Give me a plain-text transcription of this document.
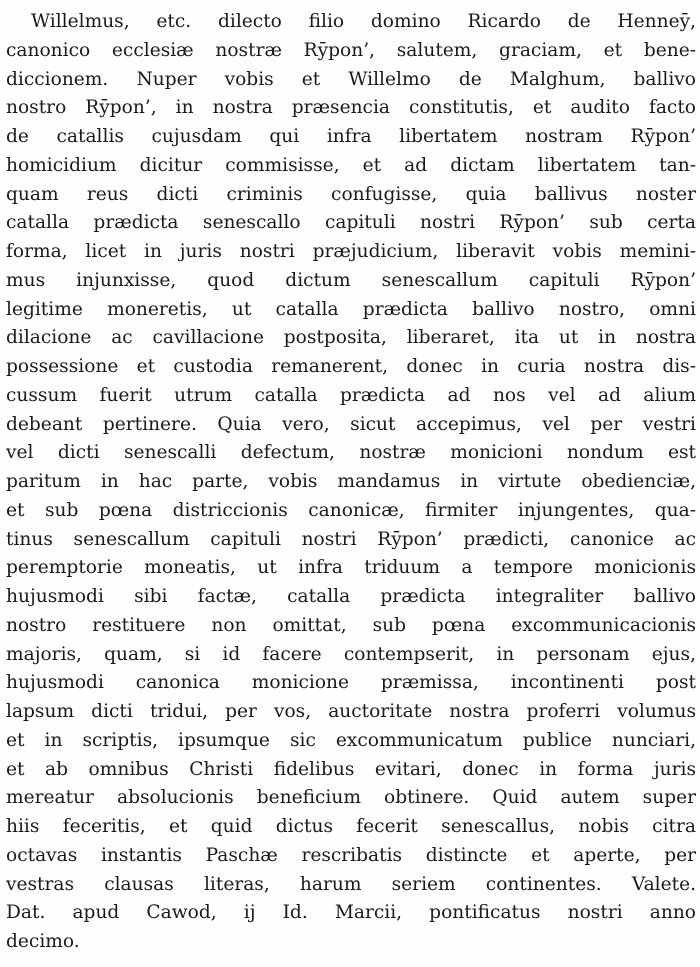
Willelmus, etc. dilecto filio domino Ricardo de Henneȳ,
canonico ecclesiæ nostræ Rȳpon’, salutem, graciam, et bene-
diccionem. Nuper vobis et Willelmo de Malghum, ballivo
nostro Rȳpon’, in nostra præsencia constitutis, et audito facto
de catallis cujusdam qui infra libertatem nostram Rȳpon’
homicidium dicitur commisisse, et ad dictam libertatem tan-
quam reus dicti criminis confugisse, quia ballivus noster
catalla prædicta senescallo capituli nostri Rȳpon’ sub certa
forma, licet in juris nostri præjudicium, liberavit vobis memini-
mus injunxisse, quod dictum senescallum capituli Rȳpon’
legitime moneretis, ut catalla prædicta ballivo nostro, omni
dilacione ac cavillacione postposita, liberaret, ita ut in nostra
possessione et custodia remanerent, donec in curia nostra dis-
cussum fuerit utrum catalla prædicta ad nos vel ad alium
debeant pertinere. Quia vero, sicut accepimus, vel per vestri
vel dicti senescalli defectum, nostræ monicioni nondum est
paritum in hac parte, vobis mandamus in virtute obedienciæ,
et sub pœna districcionis canonicæ, firmiter injungentes, qua-
tinus senescallum capituli nostri Rȳpon’ prædicti, canonice ac
peremptorie moneatis, ut infra triduum a tempore monicionis
hujusmodi sibi factæ, catalla prædicta integraliter ballivo
nostro restituere non omittat, sub pœna excommunicacionis
majoris, quam, si id facere contempserit, in personam ejus,
hujusmodi canonica monicione præmissa, incontinenti post
lapsum dicti tridui, per vos, auctoritate nostra proferri volumus
et in scriptis, ipsumque sic excommunicatum publice nunciari,
et ab omnibus Christi fidelibus evitari, donec in forma juris
mereatur absolucionis beneficium obtinere. Quid autem super
hiis feceritis, et quid dictus fecerit senescallus, nobis citra
octavas instantis Paschæ rescribatis distincte et aperte, per
vestras clausas literas, harum seriem continentes. Valete.
Dat. apud Cawod, ij Id. Marcii, pontificatus nostri anno
decimo.
